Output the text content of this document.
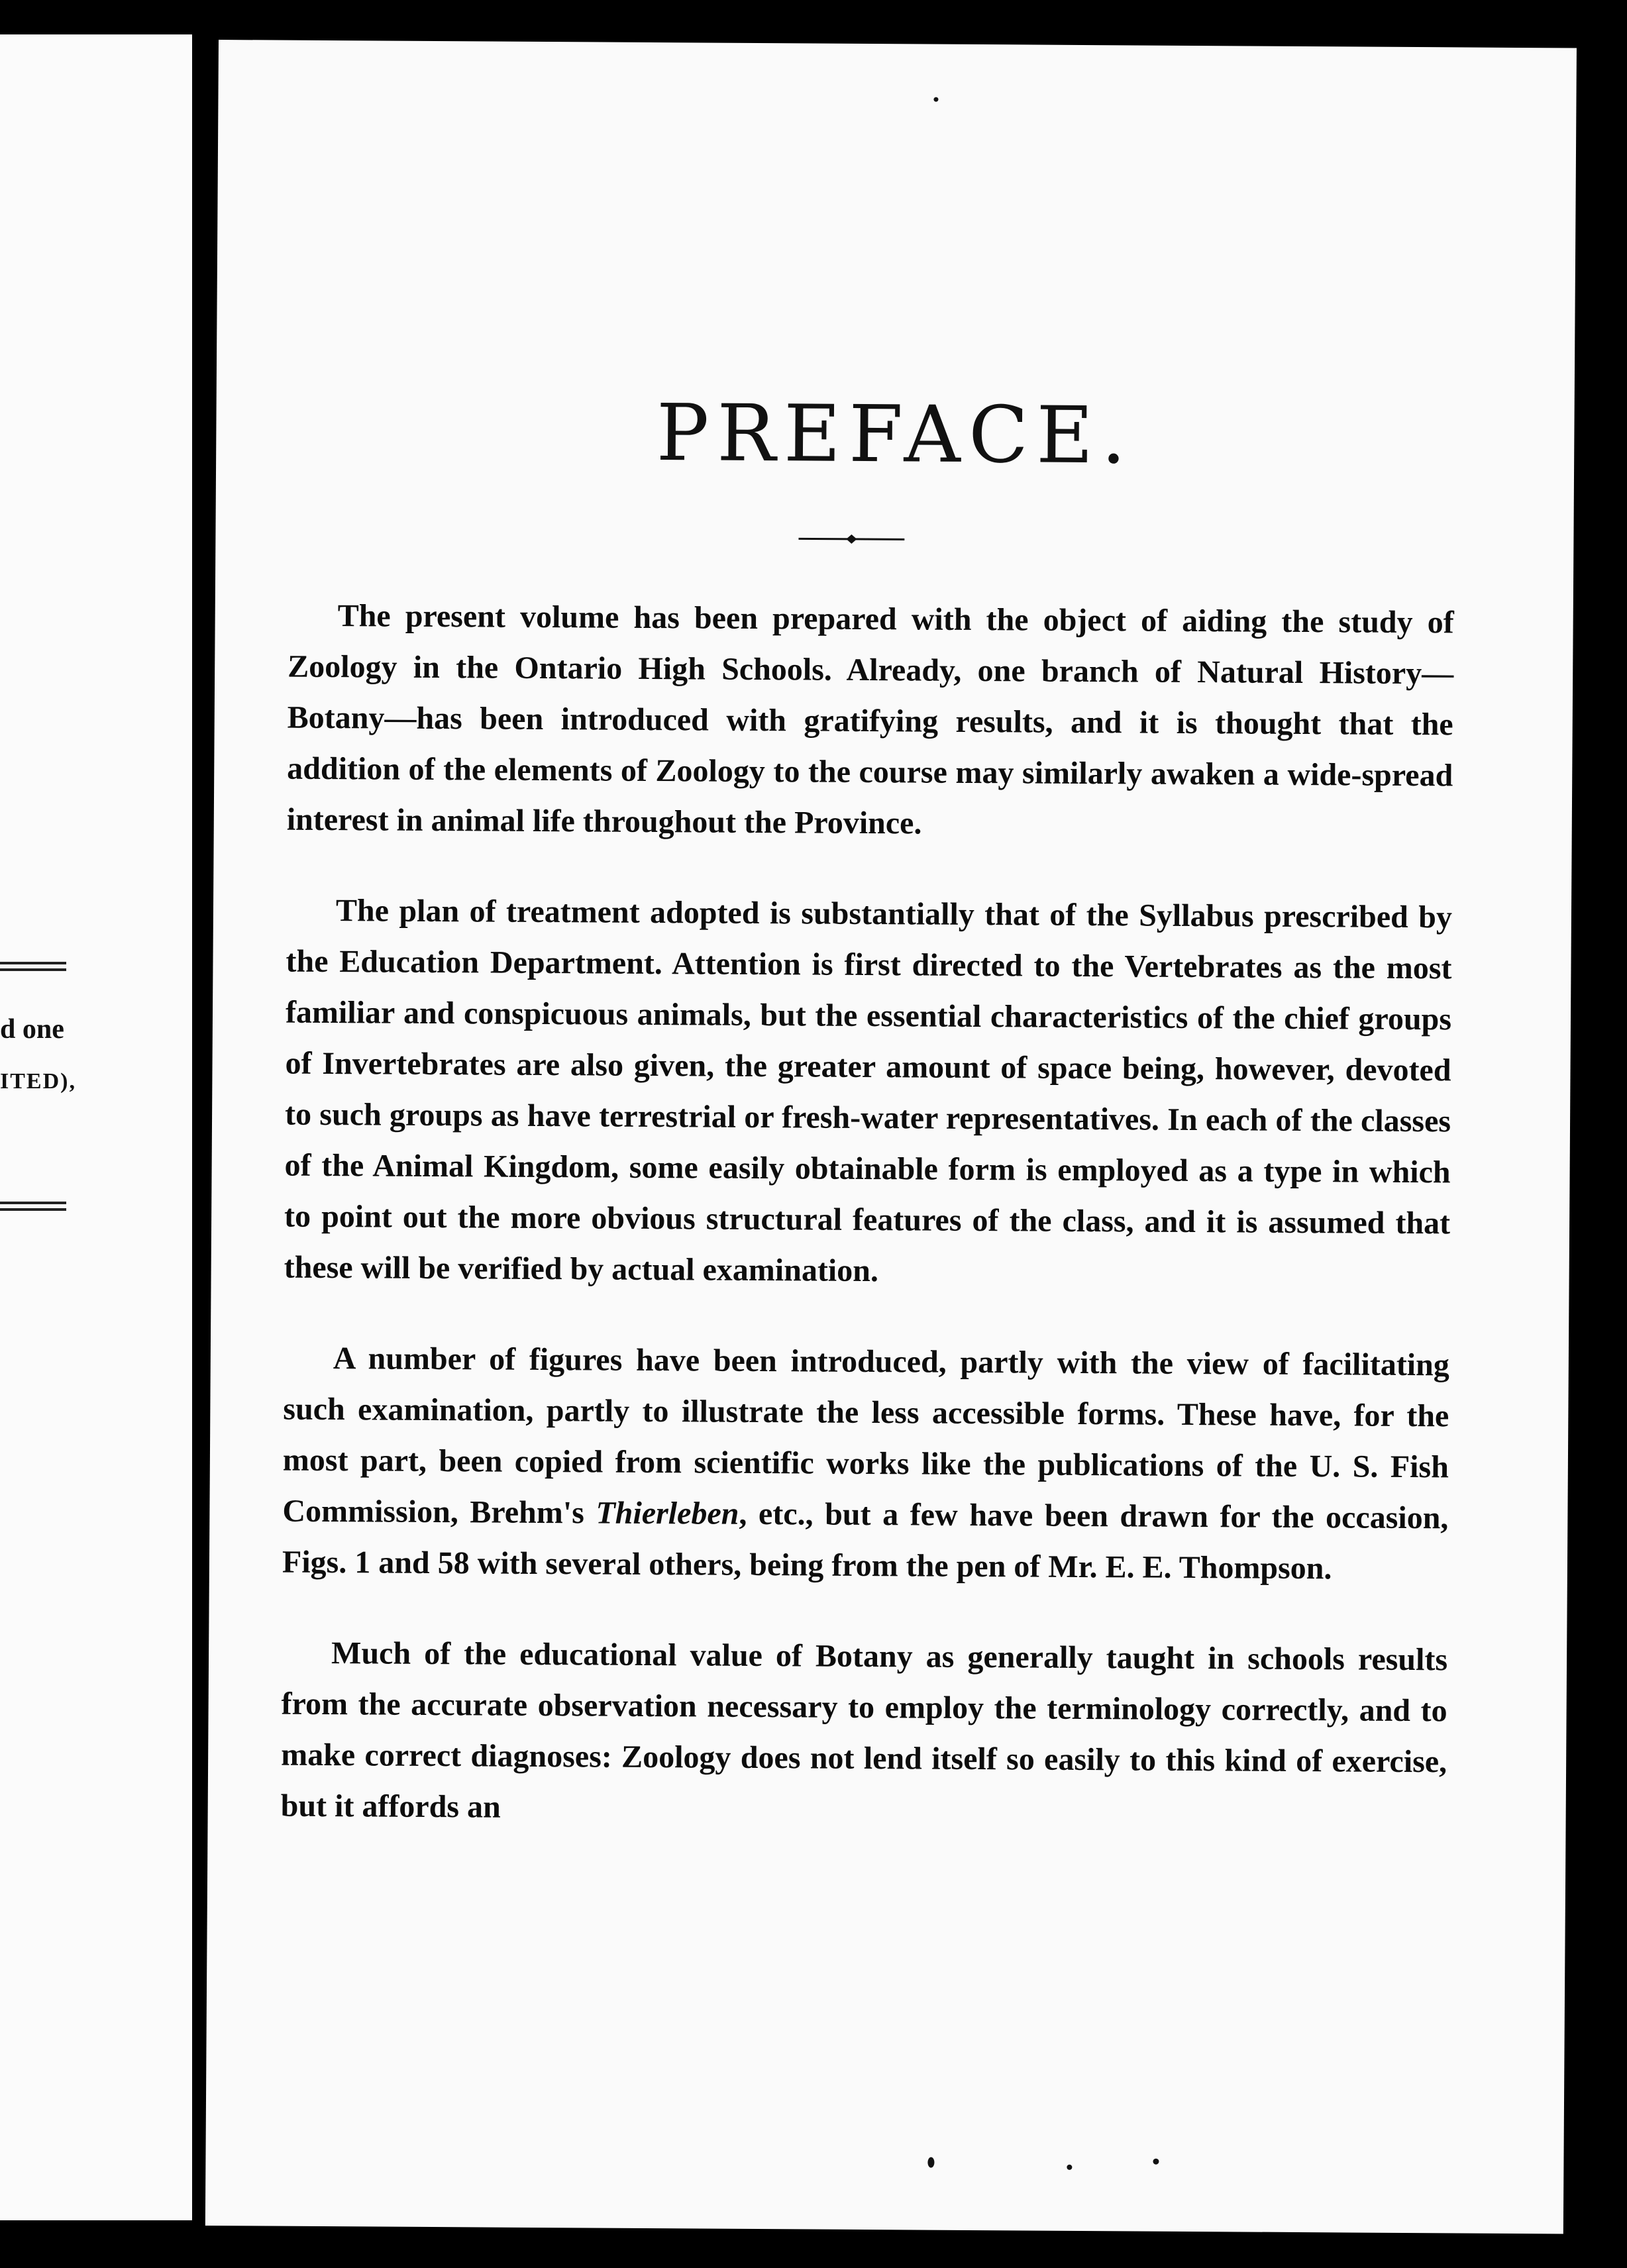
d one
ITED),
PREFACE.

The present volume has been prepared with the object of aiding the study of Zoology in the Ontario High Schools. Already, one branch of Natural History—Botany—has been introduced with gratifying results, and it is thought that the addition of the elements of Zoology to the course may similarly awaken a wide-spread interest in animal life throughout the Province.

The plan of treatment adopted is substantially that of the Syllabus prescribed by the Education Department. Attention is first directed to the Vertebrates as the most familiar and conspicuous animals, but the essential characteristics of the chief groups of Invertebrates are also given, the greater amount of space being, however, devoted to such groups as have terrestrial or fresh-water representatives. In each of the classes of the Animal Kingdom, some easily obtainable form is employed as a type in which to point out the more obvious structural features of the class, and it is assumed that these will be verified by actual examination.

A number of figures have been introduced, partly with the view of facilitating such examination, partly to illustrate the less accessible forms. These have, for the most part, been copied from scientific works like the publications of the U. S. Fish Commission, Brehm's Thierleben, etc., but a few have been drawn for the occasion, Figs. 1 and 58 with several others, being from the pen of Mr. E. E. Thompson.

Much of the educational value of Botany as generally taught in schools results from the accurate observation necessary to employ the terminology correctly, and to make correct diagnoses: Zoology does not lend itself so easily to this kind of exercise, but it affords an
